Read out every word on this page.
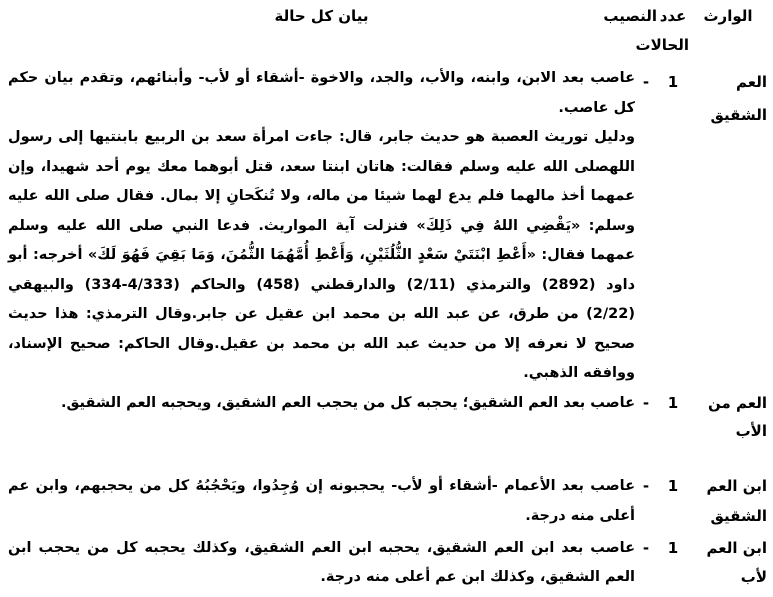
الوارث	عدد الحالات	النصيب	بيان كل حالة
العم الشقيق	1	-	عاصب بعد الابن، وابنه، والأب، والجد، والاخوة -أشقاء أو لأب- وأبنائهم، وتقدم بيان حكم كل عاصب.
ودليل توريث العصبة هو حديث جابر، قال: جاءت امرأة سعد بن الربيع بابنتيها إلى رسول اللهصلى الله عليه وسلم فقالت: هاتان ابنتا سعد، قتل أبوهما معك يوم أحد شهيدا، وإن عمهما أخذ مالهما فلم يدع لهما شيئا من ماله، ولا تُنكَحانِ إلا بمال. فقال صلى الله عليه وسلم: «يَقْضِي اللهُ فِي ذَلِكَ» فنزلت آية المواريث. فدعا النبي صلى الله عليه وسلم عمهما فقال: «أَعْطِ ابْنَتَيْ سَعْدٍ الثُّلُثَيْنِ، وَأَعْطِ أُمَّهُمَا الثُّمُنَ، وَمَا بَقِيَ فَهُوَ لَكَ» أخرجه: أبو داود (2892) والترمذي (2/11) والدارقطني (458) والحاكم (4/333-334) والبيهقي (2/22) من طرق، عن عبد الله بن محمد ابن عقيل عن جابر.وقال الترمذي: هذا حديث صحيح لا نعرفه إلا من حديث عبد الله بن محمد بن عقيل.وقال الحاكم: صحيح الإسناد، ووافقه الذهبي.

العم من الأب	1	-	عاصب بعد العم الشقيق؛ يحجبه كل من يحجب العم الشقيق، ويحجبه العم الشقيق.

ابن العم الشقيق	1	-	عاصب بعد الأعمام -أشقاء أو لأب- يحجبونه إن وُجِدُوا، ويَحْجُبُهُ كل من يحجبهم، وابن عم أعلى منه درجة.
ابن العم لأب	1	-	عاصب بعد ابن العم الشقيق، يحجبه ابن العم الشقيق، وكذلك يحجبه كل من يحجب ابن العم الشقيق، وكذلك ابن عم أعلى منه درجة.
